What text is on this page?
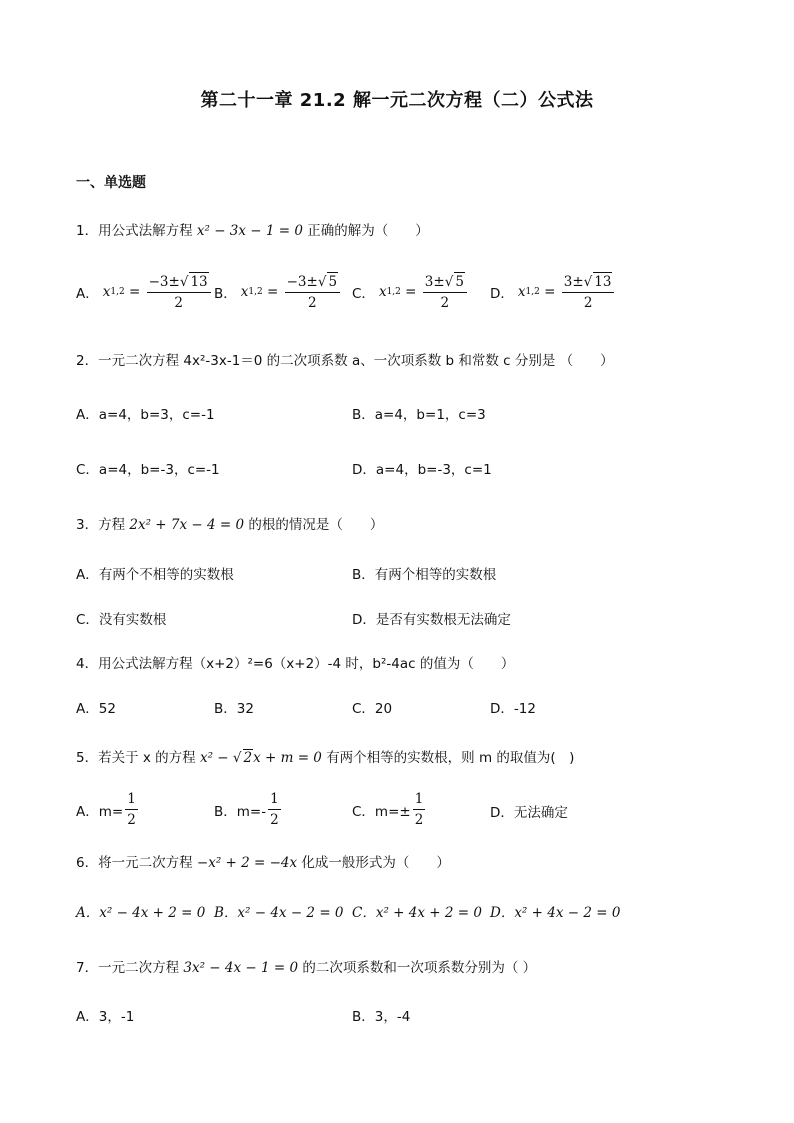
第二十一章 21.2 解一元二次方程（二）公式法
一、单选题
1．用公式法解方程 x² − 3x − 1 = 0 正确的解为（　　）
A． x $1,2 = \frac{-3\pm√ 13}{2}$ B． x $1,2 = \frac{-3\pm√ 5}{2}$ C． x $1,2 = \frac{3\pm√ 5}{2}$ D． x $1,2 = \frac{3\pm√ 13}{2}$
2．一元二次方程 4x²-3x-1＝0 的二次项系数 a、一次项系数 b 和常数 c 分别是 （　　）
A．a=4，b=3，c=-1	B．a=4，b=1，c=3
C．a=4，b=-3，c=-1	D．a=4，b=-3，c=1
3．方程 2x² + 7x − 4 = 0 的根的情况是（　　）
A．有两个不相等的实数根	B．有两个相等的实数根
C．没有实数根	D．是否有实数根无法确定
4．用公式法解方程（x+2）²=6（x+2）-4 时，b²-4ac 的值为（　　）
A．52	B．32	C．20	D．-12
5．若关于 x 的方程 x² − √ 2x + m = 0 有两个相等的实数根，则 m 的取值为(　)
A．$m= \frac{1}{2}$	B．$m=- \frac{1}{2}$	C．$m=\pm \frac{1}{2}$	D．无法确定
6．将一元二次方程 −x² + 2 = −4x 化成一般形式为（　　）
A．x² − 4x + 2 = 0 B．x² − 4x − 2 = 0 C．x² + 4x + 2 = 0 D．x² + 4x − 2 = 0
7．一元二次方程 3x² − 4x − 1 = 0 的二次项系数和一次项系数分别为（ ）
A．3，-1	B．3，-4
